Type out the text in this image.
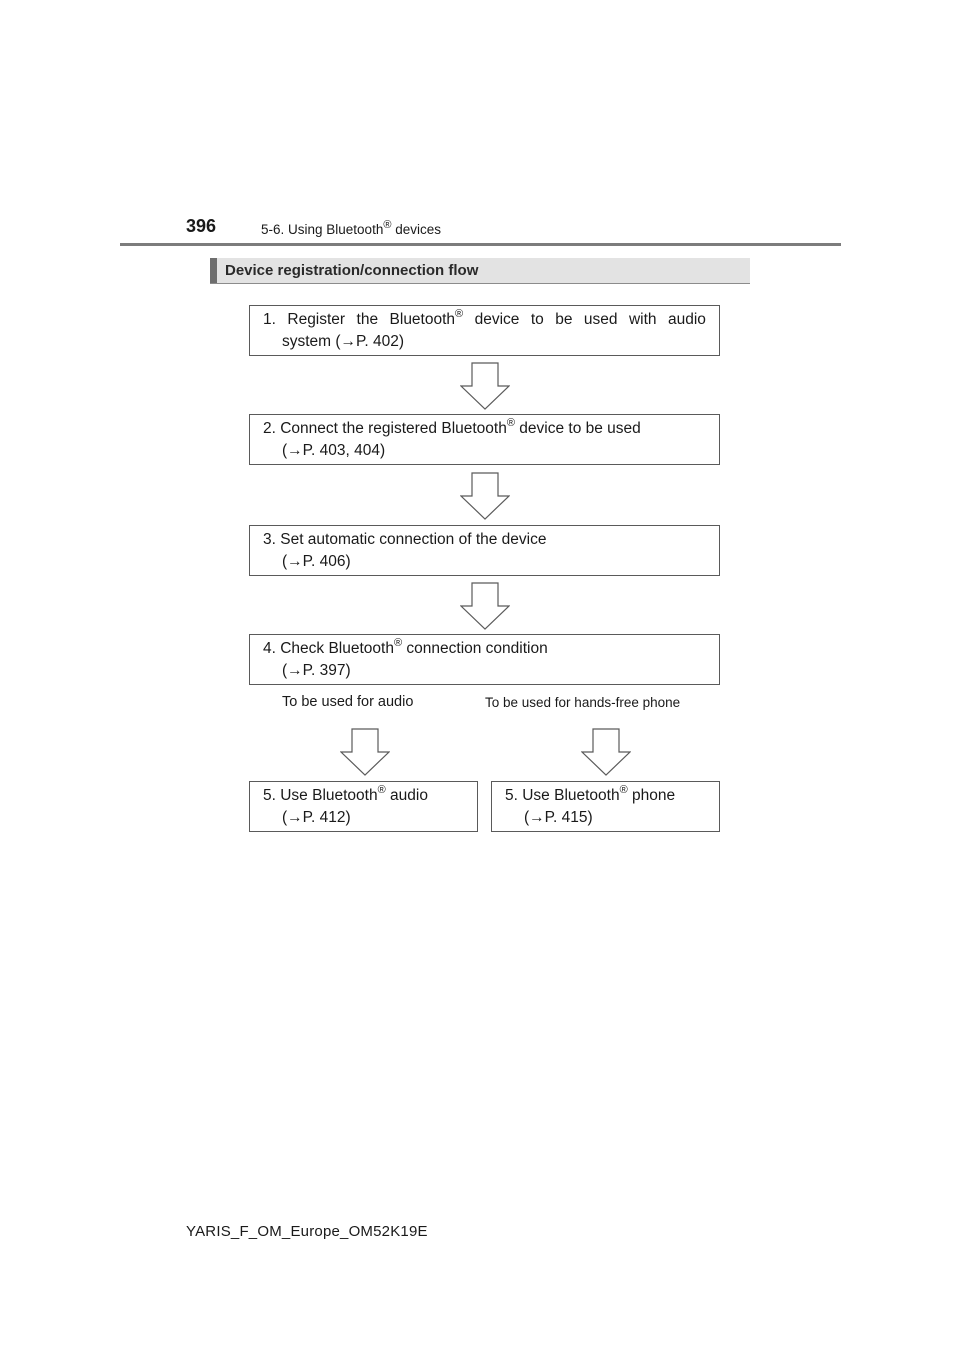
396	5-6. Using Bluetooth® devices
Device registration/connection flow
1. Register the Bluetooth® device to be used with audio
system (→P. 402)
2. Connect the registered Bluetooth® device to be used
(→P. 403, 404)
3. Set automatic connection of the device
(→P. 406)
4. Check Bluetooth® connection condition
(→P. 397)
To be used for audio	To be used for hands-free phone
5. Use Bluetooth® audio
(→P. 412)
5. Use Bluetooth® phone
(→P. 415)
YARIS_F_OM_Europe_OM52K19E
